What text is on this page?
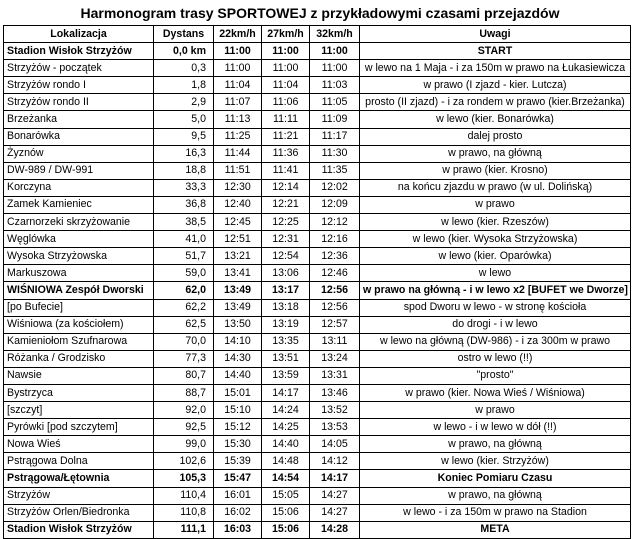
Harmonogram trasy SPORTOWEJ z przykładowymi czasami przejazdów
Lokalizacja	Dystans	22km/h	27km/h	32km/h	Uwagi
Stadion Wisłok Strzyżów	0,0 km	11:00	11:00	11:00	START
Strzyżów - początek	0,3	11:00	11:00	11:00	w lewo na 1 Maja - i za 150m w prawo na Łukasiewicza
Strzyżów rondo I	1,8	11:04	11:04	11:03	w prawo (I zjazd - kier. Lutcza)
Strzyżów rondo II	2,9	11:07	11:06	11:05	prosto (II zjazd) - i za rondem w prawo (kier.Brzeżanka)
Brzeżanka	5,0	11:13	11:11	11:09	w lewo (kier. Bonarówka)
Bonarówka	9,5	11:25	11:21	11:17	dalej prosto
Żyznów	16,3	11:44	11:36	11:30	w prawo, na główną
DW-989 / DW-991	18,8	11:51	11:41	11:35	w prawo (kier. Krosno)
Korczyna	33,3	12:30	12:14	12:02	na końcu zjazdu w prawo (w ul. Dolińską)
Zamek Kamieniec	36,8	12:40	12:21	12:09	w prawo
Czarnorzeki skrzyżowanie	38,5	12:45	12:25	12:12	w lewo (kier. Rzeszów)
Węglówka	41,0	12:51	12:31	12:16	w lewo (kier. Wysoka Strzyżowska)
Wysoka Strzyżowska	51,7	13:21	12:54	12:36	w lewo (kier. Oparówka)
Markuszowa	59,0	13:41	13:06	12:46	w lewo
WIŚNIOWA Zespół Dworski	62,0	13:49	13:17	12:56	w prawo na główną - i w lewo x2 [BUFET we Dworze]
[po Bufecie]	62,2	13:49	13:18	12:56	spod Dworu w lewo - w stronę kościoła
Wiśniowa (za kościołem)	62,5	13:50	13:19	12:57	do drogi - i w lewo
Kamieniołom Szufnarowa	70,0	14:10	13:35	13:11	w lewo na główną (DW-986) - i za 300m w prawo
Różanka / Grodzisko	77,3	14:30	13:51	13:24	ostro w lewo (!!)
Nawsie	80,7	14:40	13:59	13:31	"prosto"
Bystrzyca	88,7	15:01	14:17	13:46	w prawo (kier. Nowa Wieś / Wiśniowa)
[szczyt]	92,0	15:10	14:24	13:52	w prawo
Pyrówki [pod szczytem]	92,5	15:12	14:25	13:53	w lewo - i w lewo w dół (!!)
Nowa Wieś	99,0	15:30	14:40	14:05	w prawo, na główną
Pstrągowa Dolna	102,6	15:39	14:48	14:12	w lewo (kier. Strzyżów)
Pstrągowa/Łętownia	105,3	15:47	14:54	14:17	Koniec Pomiaru Czasu
Strzyżów	110,4	16:01	15:05	14:27	w prawo, na główną
Strzyżów Orlen/Biedronka	110,8	16:02	15:06	14:27	w lewo - i za 150m w prawo na Stadion
Stadion Wisłok Strzyżów	111,1	16:03	15:06	14:28	META
